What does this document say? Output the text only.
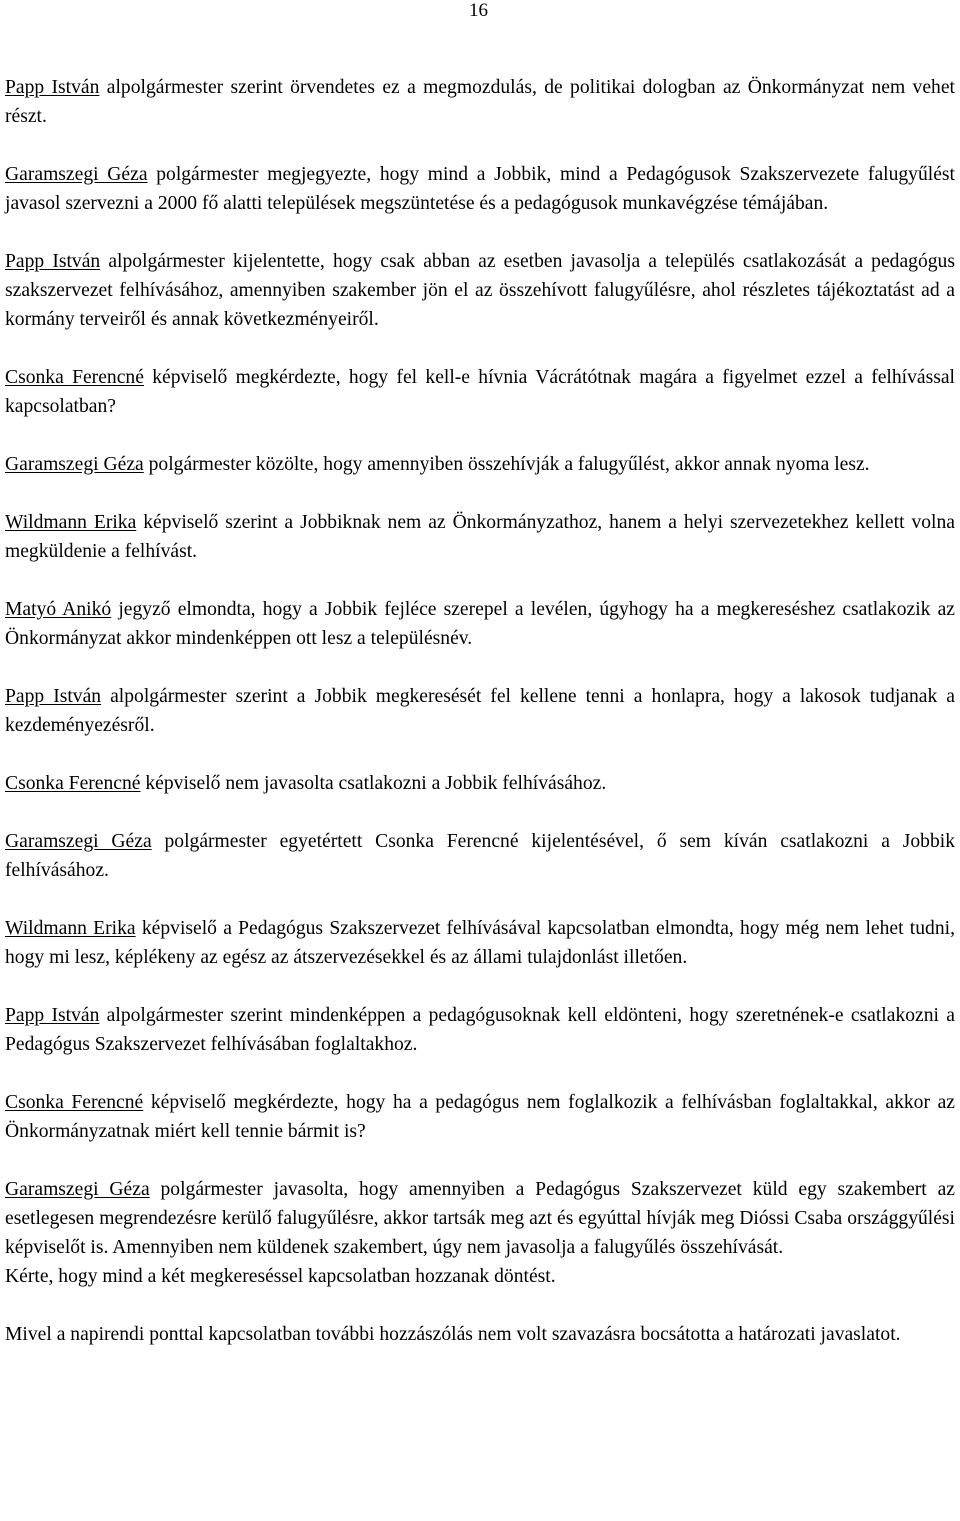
16

Papp István alpolgármester szerint örvendetes ez a megmozdulás, de politikai dologban az Önkormányzat nem vehet részt.

Garamszegi Géza polgármester megjegyezte, hogy mind a Jobbik, mind a Pedagógusok Szakszervezete falugyűlést javasol szervezni a 2000 fő alatti települések megszüntetése és a pedagógusok munkavégzése témájában.

Papp István alpolgármester kijelentette, hogy csak abban az esetben javasolja a település csatlakozását a pedagógus szakszervezet felhívásához, amennyiben szakember jön el az összehívott falugyűlésre, ahol részletes tájékoztatást ad a kormány terveiről és annak következményeiről.

Csonka Ferencné képviselő megkérdezte, hogy fel kell-e hívnia Vácrátótnak magára a figyelmet ezzel a felhívással kapcsolatban?

Garamszegi Géza polgármester közölte, hogy amennyiben összehívják a falugyűlést, akkor annak nyoma lesz.

Wildmann Erika képviselő szerint a Jobbiknak nem az Önkormányzathoz, hanem a helyi szervezetekhez kellett volna megküldenie a felhívást.

Matyó Anikó jegyző elmondta, hogy a Jobbik fejléce szerepel a levélen, úgyhogy ha a megkereséshez csatlakozik az Önkormányzat akkor mindenképpen ott lesz a településnév.

Papp István alpolgármester szerint a Jobbik megkeresését fel kellene tenni a honlapra, hogy a lakosok tudjanak a kezdeményezésről.

Csonka Ferencné képviselő nem javasolta csatlakozni a Jobbik felhívásához.

Garamszegi Géza polgármester egyetértett Csonka Ferencné kijelentésével, ő sem kíván csatlakozni a Jobbik felhívásához.

Wildmann Erika képviselő a Pedagógus Szakszervezet felhívásával kapcsolatban elmondta, hogy még nem lehet tudni, hogy mi lesz, képlékeny az egész az átszervezésekkel és az állami tulajdonlást illetően.

Papp István alpolgármester szerint mindenképpen a pedagógusoknak kell eldönteni, hogy szeretnének-e csatlakozni a Pedagógus Szakszervezet felhívásában foglaltakhoz.

Csonka Ferencné képviselő megkérdezte, hogy ha a pedagógus nem foglalkozik a felhívásban foglaltakkal, akkor az Önkormányzatnak miért kell tennie bármit is?

Garamszegi Géza polgármester javasolta, hogy amennyiben a Pedagógus Szakszervezet küld egy szakembert az esetlegesen megrendezésre kerülő falugyűlésre, akkor tartsák meg azt és egyúttal hívják meg Dióssi Csaba országgyűlési képviselőt is. Amennyiben nem küldenek szakembert, úgy nem javasolja a falugyűlés összehívását.

Kérte, hogy mind a két megkereséssel kapcsolatban hozzanak döntést.

Mivel a napirendi ponttal kapcsolatban további hozzászólás nem volt szavazásra bocsátotta a határozati javaslatot.
